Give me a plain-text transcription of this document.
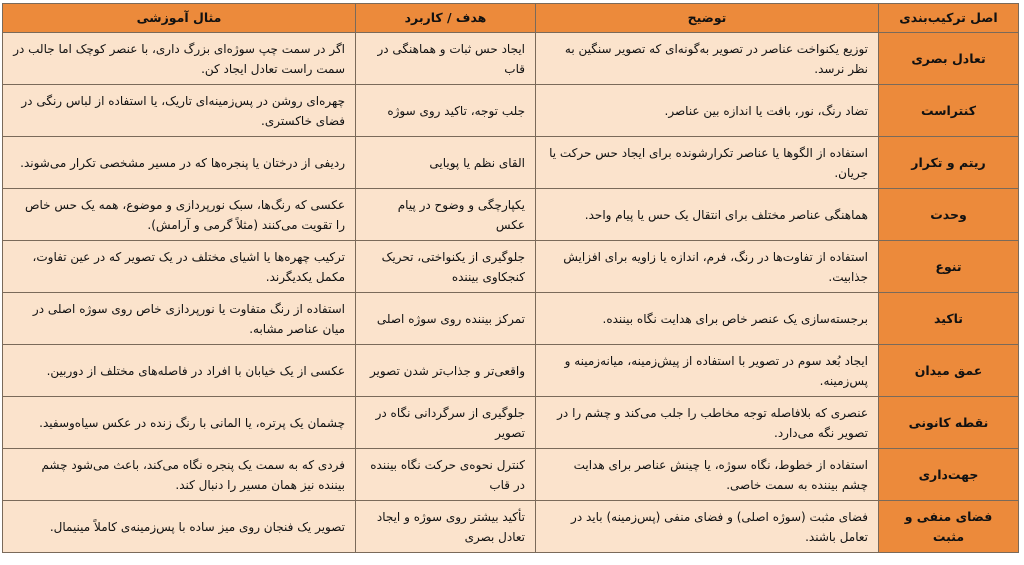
اصل ترکیب‌بندی	توضیح	هدف / کاربرد	مثال آموزشی
تعادل بصری	توزیع یکنواخت عناصر در تصویر به‌گونه‌ای که تصویر سنگین به نظر نرسد.	ایجاد حس ثبات و هماهنگی در قاب	اگر در سمت چپ سوژه‌ای بزرگ داری، با عنصر کوچک اما جالب در سمت راست تعادل ایجاد کن.
کنتراست	تضاد رنگ، نور، بافت یا اندازه بین عناصر.	جلب توجه، تاکید روی سوژه	چهره‌ای روشن در پس‌زمینه‌ای تاریک، یا استفاده از لباس رنگی در فضای خاکستری.
ریتم و تکرار	استفاده از الگوها یا عناصر تکرارشونده برای ایجاد حس حرکت یا جریان.	القای نظم یا پویایی	ردیفی از درختان یا پنجره‌ها که در مسیر مشخصی تکرار می‌شوند.
وحدت	هماهنگی عناصر مختلف برای انتقال یک حس یا پیام واحد.	یکپارچگی و وضوح در پیام عکس	عکسی که رنگ‌ها، سبک نورپردازی و موضوع، همه یک حس خاص را تقویت می‌کنند (مثلاً گرمی و آرامش).
تنوع	استفاده از تفاوت‌ها در رنگ، فرم، اندازه یا زاویه برای افزایش جذابیت.	جلوگیری از یکنواختی، تحریک کنجکاوی بیننده	ترکیب چهره‌ها یا اشیای مختلف در یک تصویر که در عین تفاوت، مکمل یکدیگرند.
تاکید	برجسته‌سازی یک عنصر خاص برای هدایت نگاه بیننده.	تمرکز بیننده روی سوژه اصلی	استفاده از رنگ متفاوت یا نورپردازی خاص روی سوژه اصلی در میان عناصر مشابه.
عمق میدان	ایجاد بُعد سوم در تصویر با استفاده از پیش‌زمینه، میانه‌زمینه و پس‌زمینه.	واقعی‌تر و جذاب‌تر شدن تصویر	عکسی از یک خیابان با افراد در فاصله‌های مختلف از دوربین.
نقطه کانونی	عنصری که بلافاصله توجه مخاطب را جلب می‌کند و چشم را در تصویر نگه می‌دارد.	جلوگیری از سرگردانی نگاه در تصویر	چشمان یک پرتره، یا المانی با رنگ زنده در عکس سیاه‌وسفید.
جهت‌داری	استفاده از خطوط، نگاه سوژه، یا چینش عناصر برای هدایت چشم بیننده به سمت خاصی.	کنترل نحوه‌ی حرکت نگاه بیننده در قاب	فردی که به سمت یک پنجره نگاه می‌کند، باعث می‌شود چشم بیننده نیز همان مسیر را دنبال کند.
فضای منفی و مثبت	فضای مثبت (سوژه اصلی) و فضای منفی (پس‌زمینه) باید در تعامل باشند.	تأکید بیشتر روی سوژه و ایجاد تعادل بصری	تصویر یک فنجان روی میز ساده با پس‌زمینه‌ی کاملاً مینیمال.
